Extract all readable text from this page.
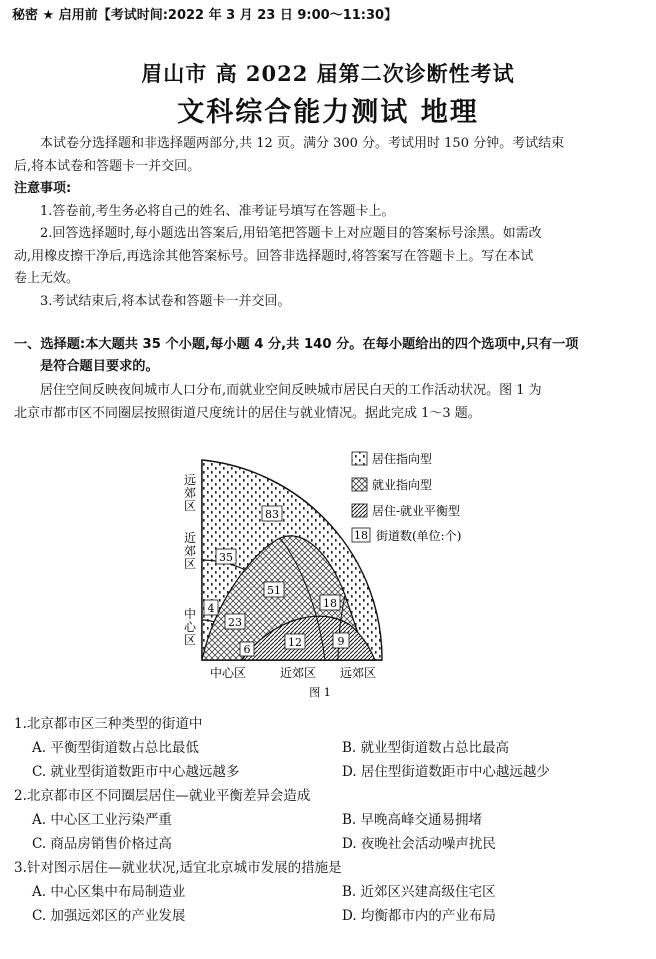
秘密 ★ 启用前【考试时间:2022 年 3 月 23 日 9:00～11:30】
眉山市 高 2022 届第二次诊断性考试
文科综合能力测试 地理
本试卷分选择题和非选择题两部分,共 12 页。满分 300 分。考试用时 150 分钟。考试结束
后,将本试卷和答题卡一并交回。
注意事项:
1.答卷前,考生务必将自己的姓名、准考证号填写在答题卡上。
2.回答选择题时,每小题选出答案后,用铅笔把答题卡上对应题目的答案标号涂黑。如需改
动,用橡皮擦干净后,再选涂其他答案标号。回答非选择题时,将答案写在答题卡上。写在本试
卷上无效。
3.考试结束后,将本试卷和答题卡一并交回。
一、选择题:本大题共 35 个小题,每小题 4 分,共 140 分。在每小题给出的四个选项中,只有一项
是符合题目要求的。
居住空间反映夜间城市人口分布,而就业空间反映城市居民白天的工作活动状况。图 1 为
北京市都市区不同圈层按照街道尺度统计的居住与就业情况。据此完成 1～3 题。
83
35
4
51
23
18
6
12	9
居住指向型
就业指向型
居住-就业平衡型
18 街道数(单位:个)
远郊区
近郊区
中心区
中心区	近郊区 远郊区
图 1
1.北京都市区三种类型的街道中
A. 平衡型街道数占总比最低	B. 就业型街道数占总比最高
C. 就业型街道数距市中心越远越多	D. 居住型街道数距市中心越远越少
2.北京都市区不同圈层居住—就业平衡差异会造成
A. 中心区工业污染严重	B. 早晚高峰交通易拥堵
C. 商品房销售价格过高	D. 夜晚社会活动噪声扰民
3.针对图示居住—就业状况,适宜北京城市发展的措施是
A. 中心区集中布局制造业	B. 近郊区兴建高级住宅区
C. 加强远郊区的产业发展	D. 均衡都市内的产业布局
